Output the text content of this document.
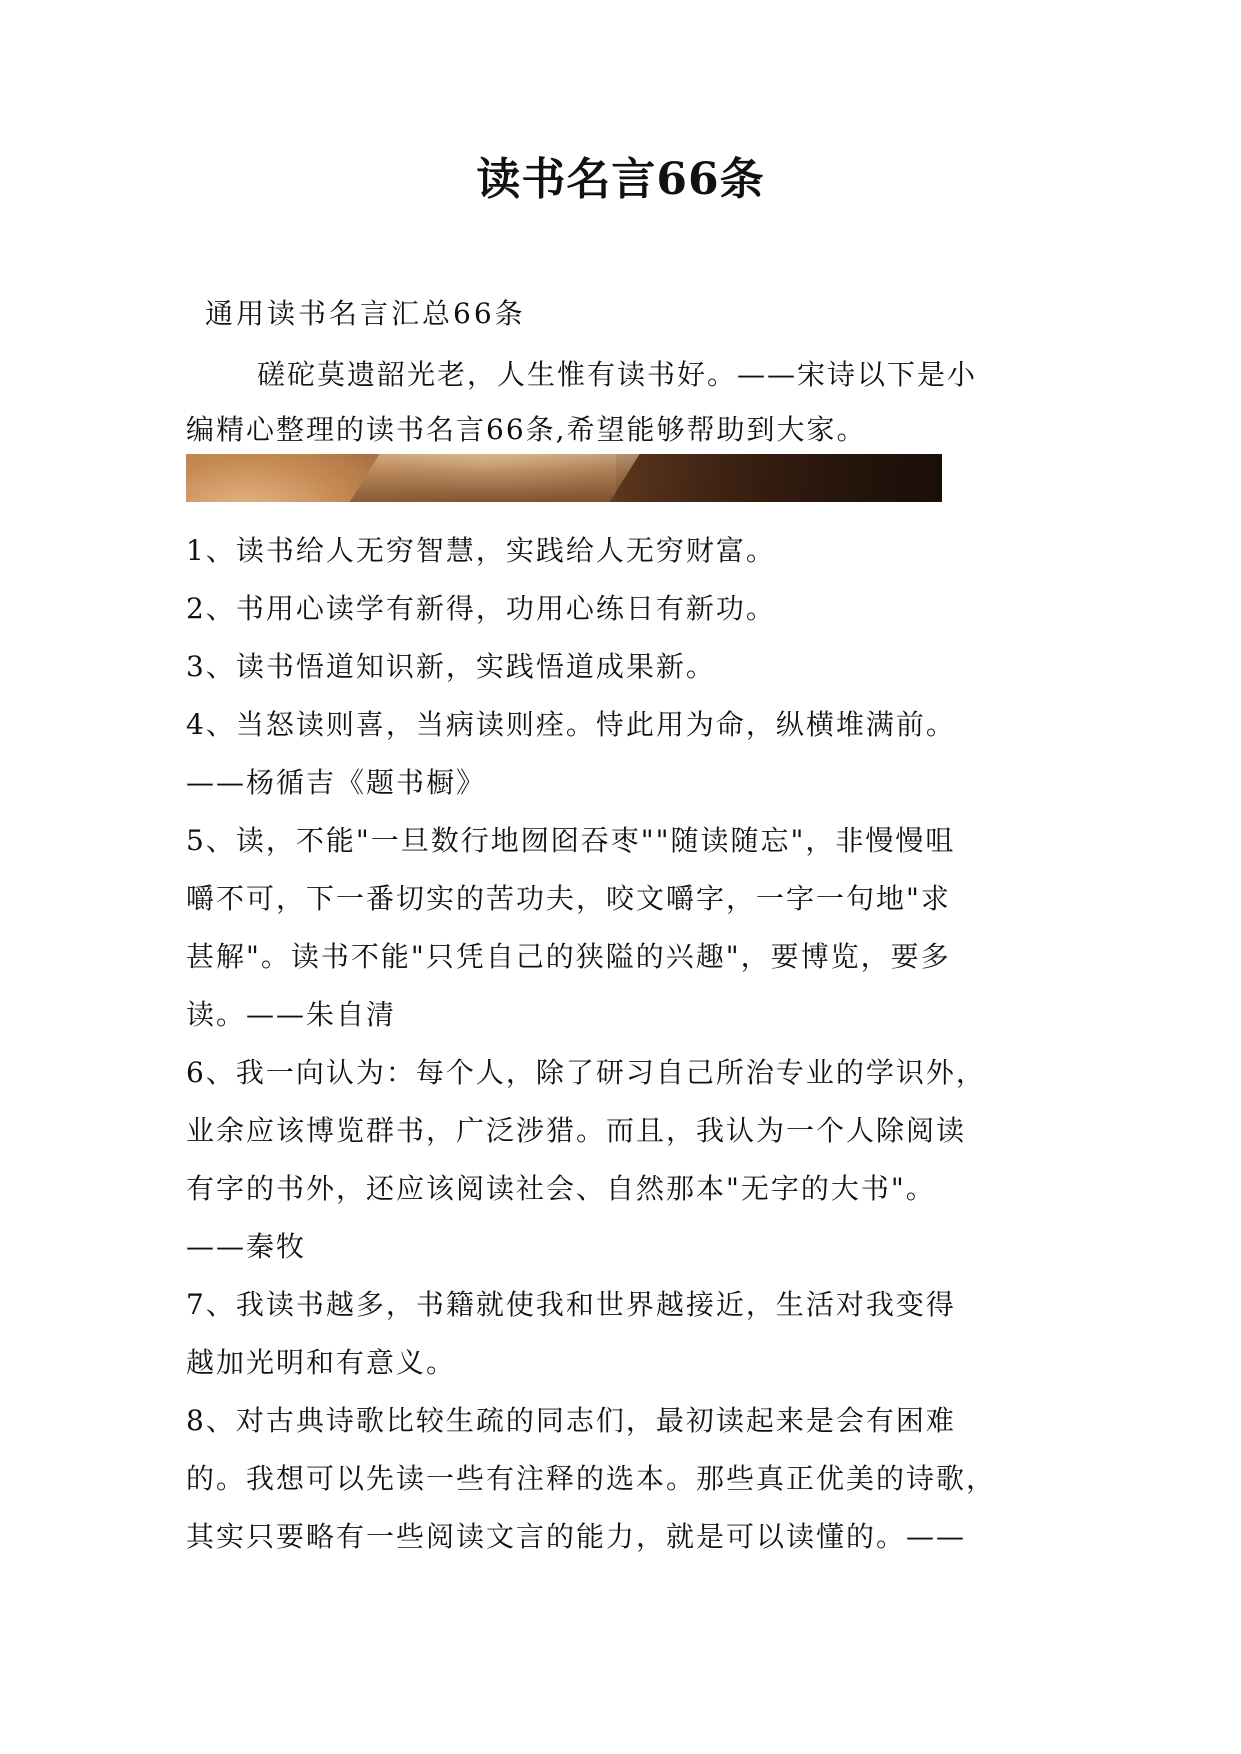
读书名言66条
通用读书名言汇总66条
磋砣莫遗韶光老，人生惟有读书好。——宋诗以下是小
编精心整理的读书名言66条,希望能够帮助到大家。
1、读书给人无穷智慧，实践给人无穷财富。
2、书用心读学有新得，功用心练日有新功。
3、读书悟道知识新，实践悟道成果新。
4、当怒读则喜，当病读则痊。恃此用为命，纵横堆满前。
——杨循吉《题书橱》
5、读，不能"一旦数行地囫囵吞枣""随读随忘"，非慢慢咀
嚼不可，下一番切实的苦功夫，咬文嚼字，一字一句地"求
甚解"。读书不能"只凭自己的狭隘的兴趣"，要博览，要多
读。——朱自清
6、我一向认为：每个人，除了研习自己所治专业的学识外，
业余应该博览群书，广泛涉猎。而且，我认为一个人除阅读
有字的书外，还应该阅读社会、自然那本"无字的大书"。
——秦牧
7、我读书越多，书籍就使我和世界越接近，生活对我变得
越加光明和有意义。
8、对古典诗歌比较生疏的同志们，最初读起来是会有困难
的。我想可以先读一些有注释的选本。那些真正优美的诗歌，
其实只要略有一些阅读文言的能力，就是可以读懂的。——
